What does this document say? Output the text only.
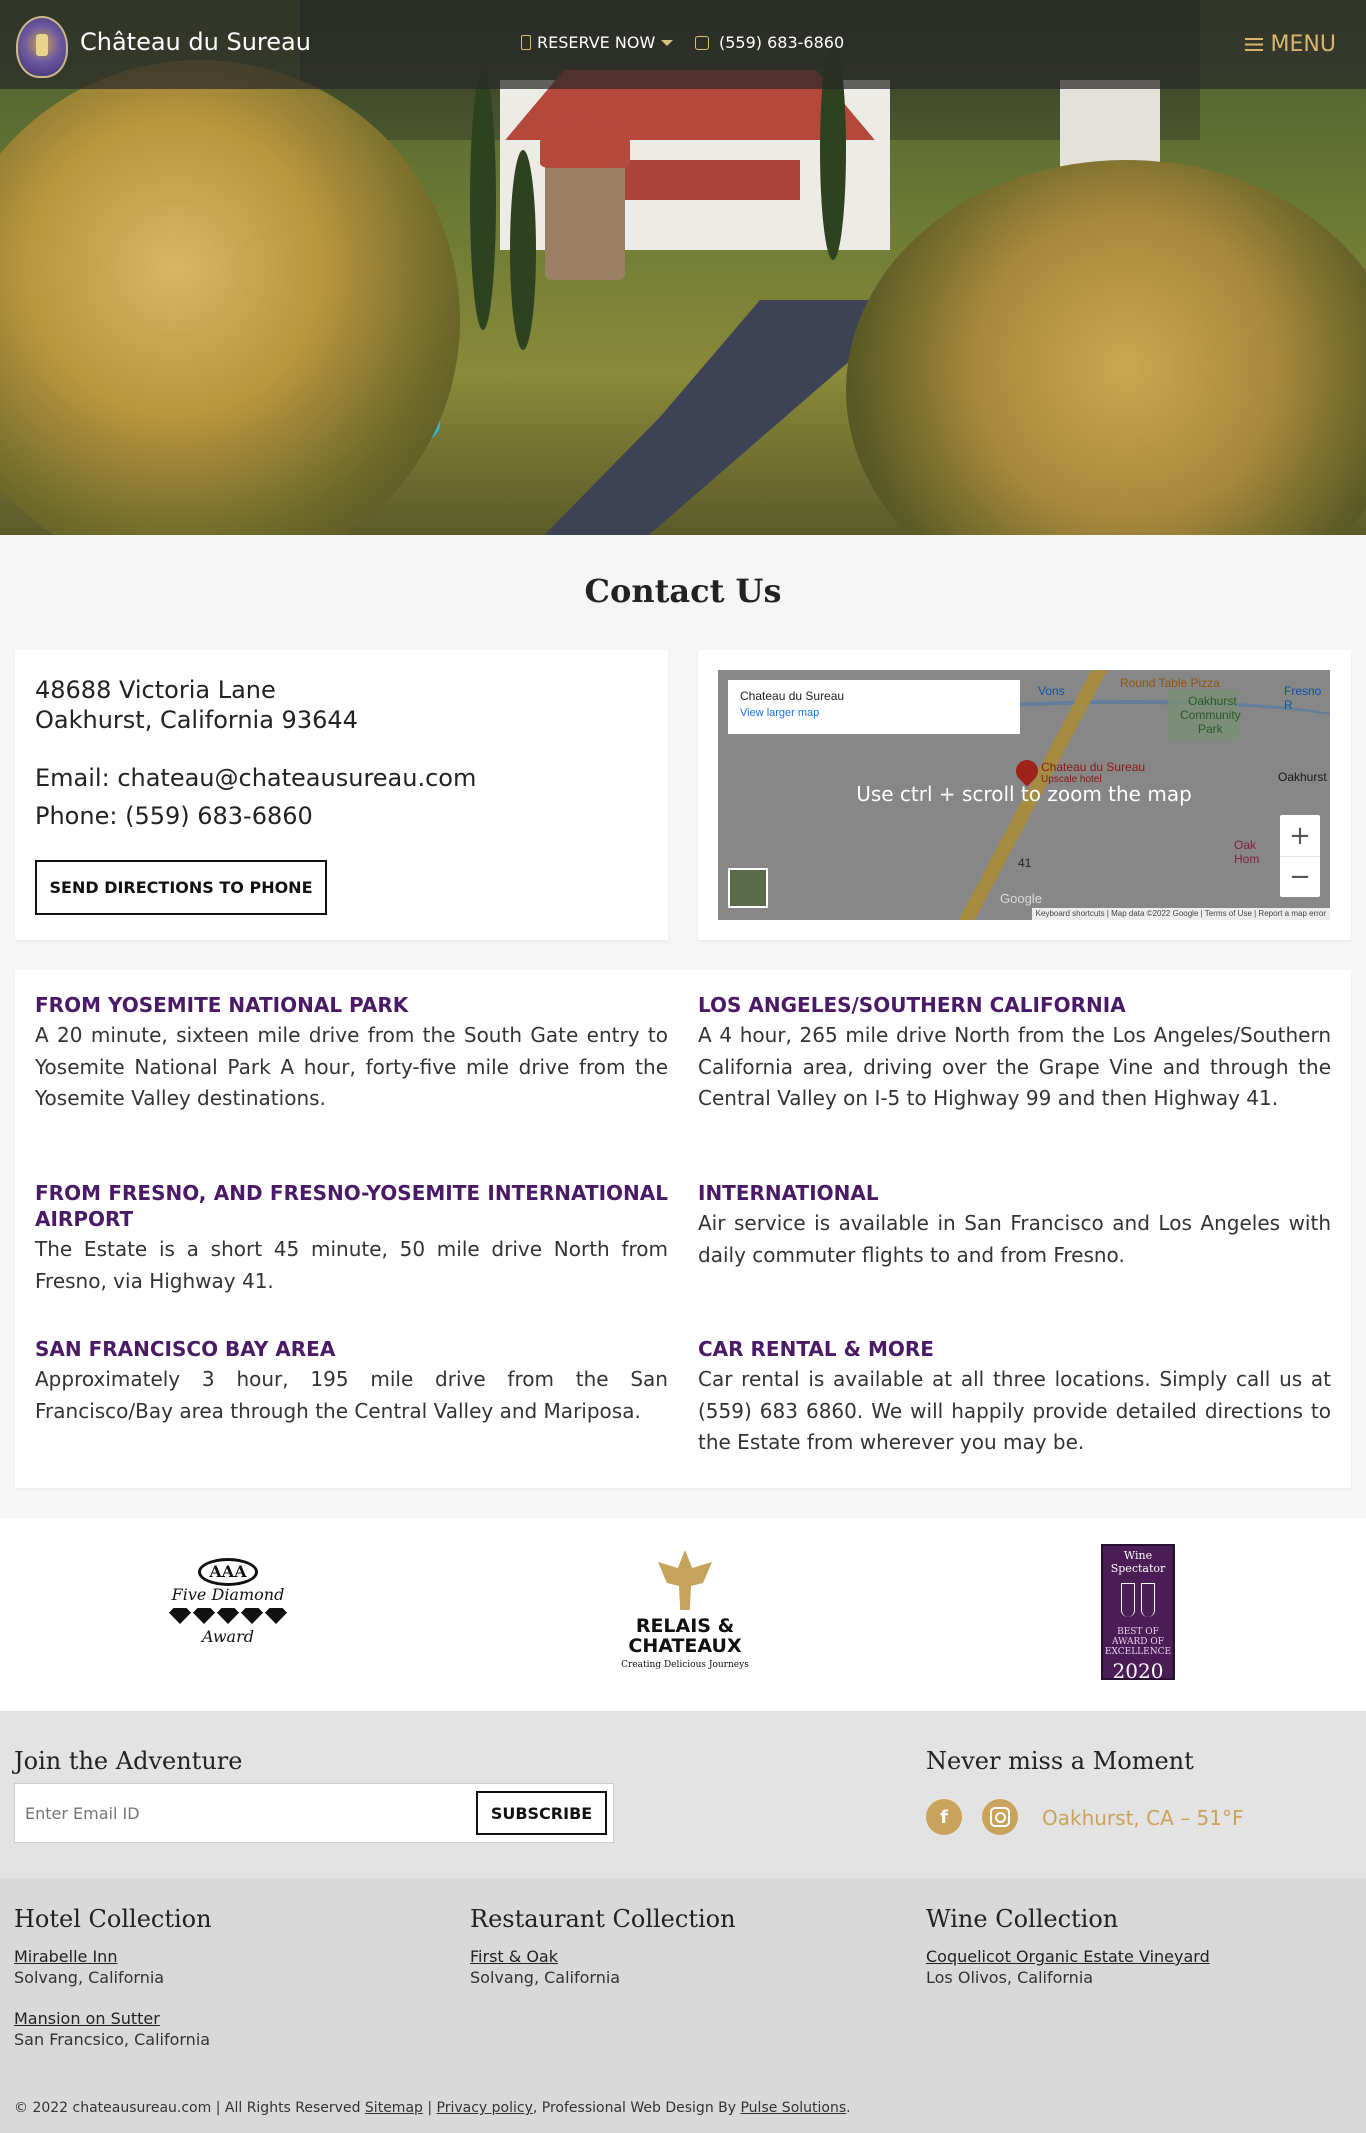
Château du Sureau	RESERVE NOW	(559) 683-6860	MENU
Contact Us
48688 Victoria Lane
Oakhurst, California 93644
Email: chateau@chateausureau.com
Phone: (559) 683-6860
SEND DIRECTIONS TO PHONE
Vons
Round Table Pizza
Oakhurst
Community
Park
Oakhurst
Fresno R
41
Oak
Hom
Chateau du Sureau
Upscale hotel
Use ctrl + scroll to zoom the map
Chateau du Sureau
View larger map
+
−
Google
Keyboard shortcuts | Map data ©2022 Google | Terms of Use | Report a map error
FROM YOSEMITE NATIONAL PARK

A 20 minute, sixteen mile drive from the South Gate entry to Yosemite National Park A hour, forty-five mile drive from the Yosemite Valley destinations.

LOS ANGELES/SOUTHERN CALIFORNIA

A 4 hour, 265 mile drive North from the Los Angeles/Southern California area, driving over the Grape Vine and through the Central Valley on I-5 to Highway 99 and then Highway 41.

FROM FRESNO, AND FRESNO-YOSEMITE INTERNATIONAL AIRPORT

The Estate is a short 45 minute, 50 mile drive North from Fresno, via Highway 41.

INTERNATIONAL

Air service is available in San Francisco and Los Angeles with daily commuter flights to and from Fresno.

SAN FRANCISCO BAY AREA

Approximately 3 hour, 195 mile drive from the San Francisco/Bay area through the Central Valley and Mariposa.

CAR RENTAL & MORE

Car rental is available at all three locations. Simply call us at (559) 683 6860. We will happily provide detailed directions to the Estate from wherever you may be.

AAA
Five Diamond
Award	RELAIS &
CHATEAUX
Creating Delicious Journeys
Wine Spectator
BEST OF AWARD OF EXCELLENCE
2020
Join the Adventure
Enter Email ID
SUBSCRIBE
Never miss a Moment
f	Oakhurst, CA – 51°F
Hotel Collection
Mirabelle Inn
Solvang, California
Mansion on Sutter
San Francsico, California
Restaurant Collection
First & Oak
Solvang, California
Wine Collection
Coquelicot Organic Estate Vineyard
Los Olivos, California
© 2022 chateausureau.com | All Rights Reserved Sitemap | Privacy policy, Professional Web Design By Pulse Solutions.
